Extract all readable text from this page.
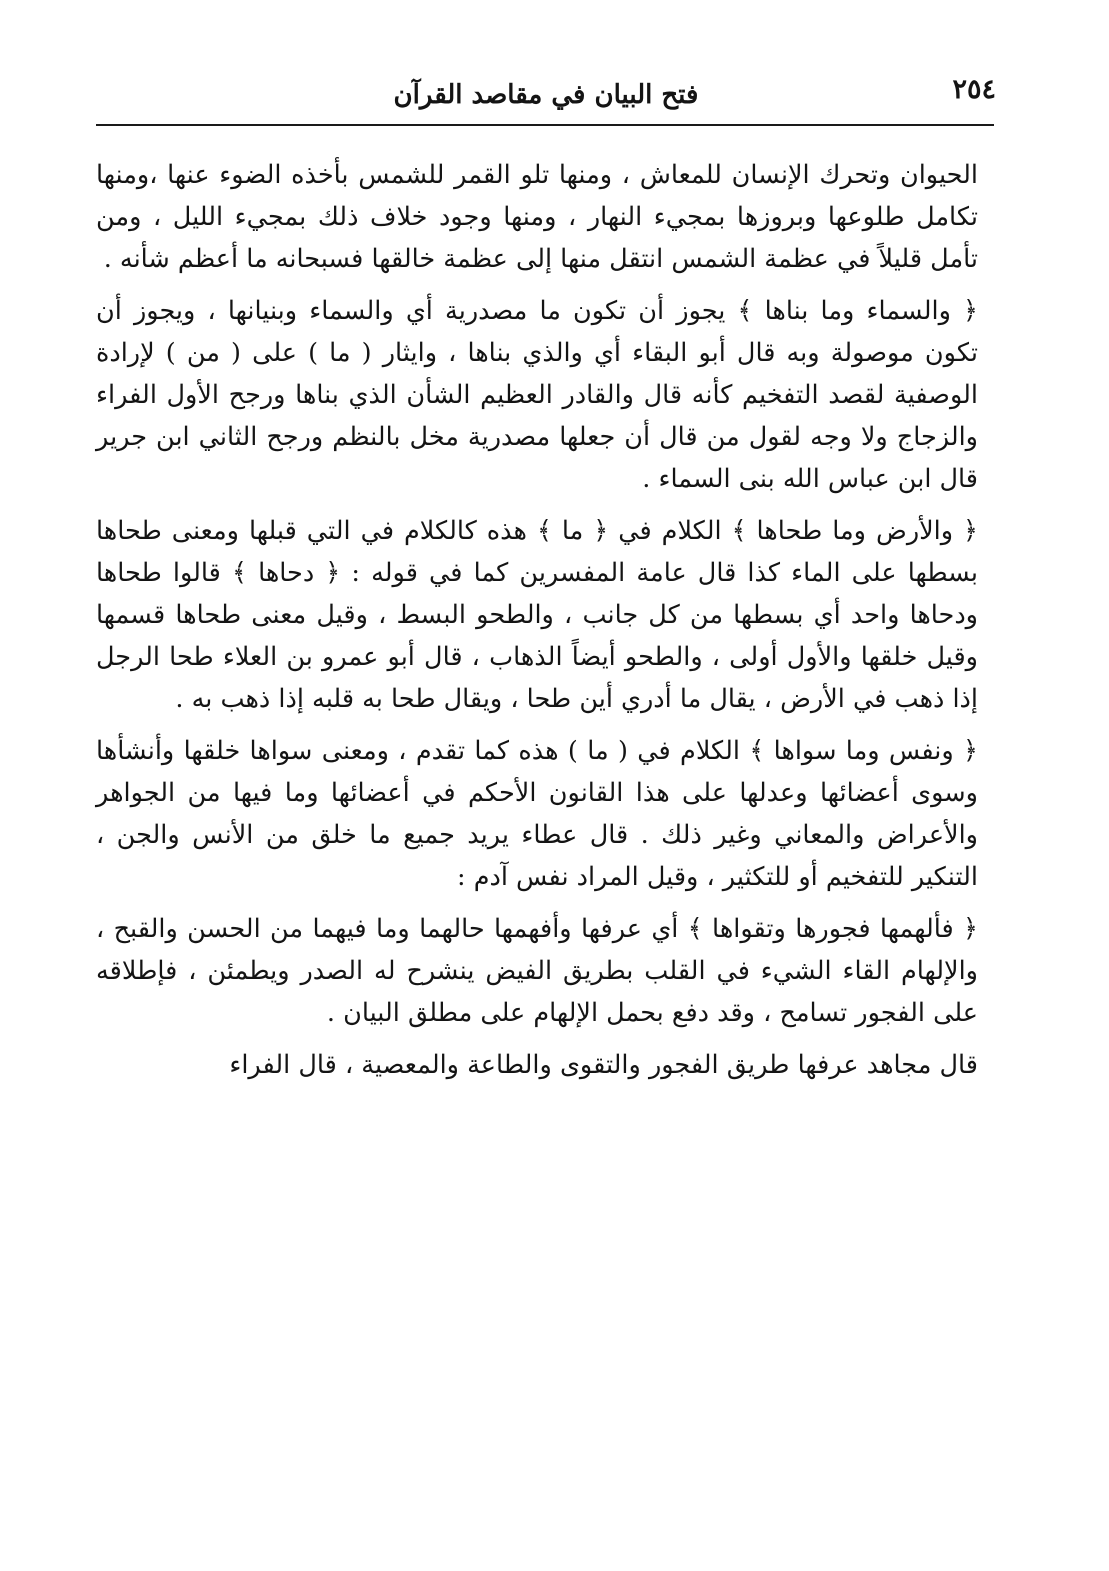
٢٥٤
فتح البيان في مقاصد القرآن

الحيوان وتحرك الإنسان للمعاش ، ومنها تلو القمر للشمس بأخذه الضوء عنها ،ومنها تكامل طلوعها وبروزها بمجيء النهار ، ومنها وجود خلاف ذلك بمجيء الليل ، ومن تأمل قليلاً في عظمة الشمس انتقل منها إلى عظمة خالقها فسبحانه ما أعظم شأنه .

﴿ والسماء وما بناها ﴾ يجوز أن تكون ما مصدرية أي والسماء وبنيانها ، ويجوز أن تكون موصولة وبه قال أبو البقاء أي والذي بناها ، وايثار ( ما ) على ( من ) لإرادة الوصفية لقصد التفخيم كأنه قال والقادر العظيم الشأن الذي بناها ورجح الأول الفراء والزجاج ولا وجه لقول من قال أن جعلها مصدرية مخل بالنظم ورجح الثاني ابن جرير قال ابن عباس الله بنى السماء .

﴿ والأرض وما طحاها ﴾ الكلام في ﴿ ما ﴾ هذه كالكلام في التي قبلها ومعنى طحاها بسطها على الماء كذا قال عامة المفسرين كما في قوله : ﴿ دحاها ﴾ قالوا طحاها ودحاها واحد أي بسطها من كل جانب ، والطحو البسط ، وقيل معنى طحاها قسمها وقيل خلقها والأول أولى ، والطحو أيضاً الذهاب ، قال أبو عمرو بن العلاء طحا الرجل إذا ذهب في الأرض ، يقال ما أدري أين طحا ، ويقال طحا به قلبه إذا ذهب به .

﴿ ونفس وما سواها ﴾ الكلام في ( ما ) هذه كما تقدم ، ومعنى سواها خلقها وأنشأها وسوى أعضائها وعدلها على هذا القانون الأحكم في أعضائها وما فيها من الجواهر والأعراض والمعاني وغير ذلك . قال عطاء يريد جميع ما خلق من الأنس والجن ، التنكير للتفخيم أو للتكثير ، وقيل المراد نفس آدم :

﴿ فألهمها فجورها وتقواها ﴾ أي عرفها وأفهمها حالهما وما فيهما من الحسن والقبح ، والإلهام القاء الشيء في القلب بطريق الفيض ينشرح له الصدر ويطمئن ، فإطلاقه على الفجور تسامح ، وقد دفع بحمل الإلهام على مطلق البيان .

قال مجاهد عرفها طريق الفجور والتقوى والطاعة والمعصية ، قال الفراء
